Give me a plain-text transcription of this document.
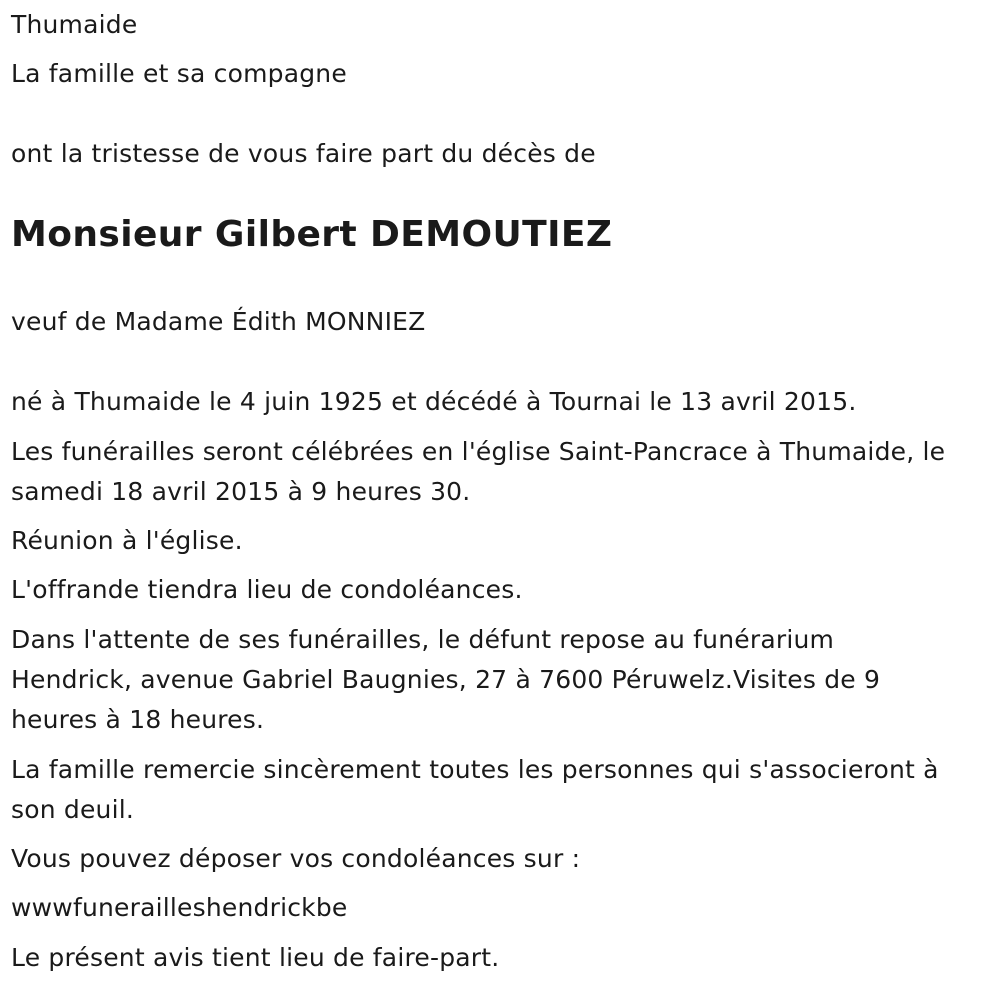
Thumaide

La famille et sa compagne

ont la tristesse de vous faire part du décès de

Monsieur Gilbert DEMOUTIEZ

veuf de Madame Édith MONNIEZ

né à Thumaide le 4 juin 1925 et décédé à Tournai le 13 avril 2015.

Les funérailles seront célébrées en l'église Saint-Pancrace à Thumaide, le samedi 18 avril 2015 à 9 heures 30.

Réunion à l'église.

L'offrande tiendra lieu de condoléances.

Dans l'attente de ses funérailles, le défunt repose au funérarium Hendrick, avenue Gabriel Baugnies, 27 à 7600 Péruwelz.Visites de 9 heures à 18 heures.

La famille remercie sincèrement toutes les personnes qui s'associeront à son deuil.

Vous pouvez déposer vos condoléances sur :

wwwfunerailleshendrickbe

Le présent avis tient lieu de faire-part.
